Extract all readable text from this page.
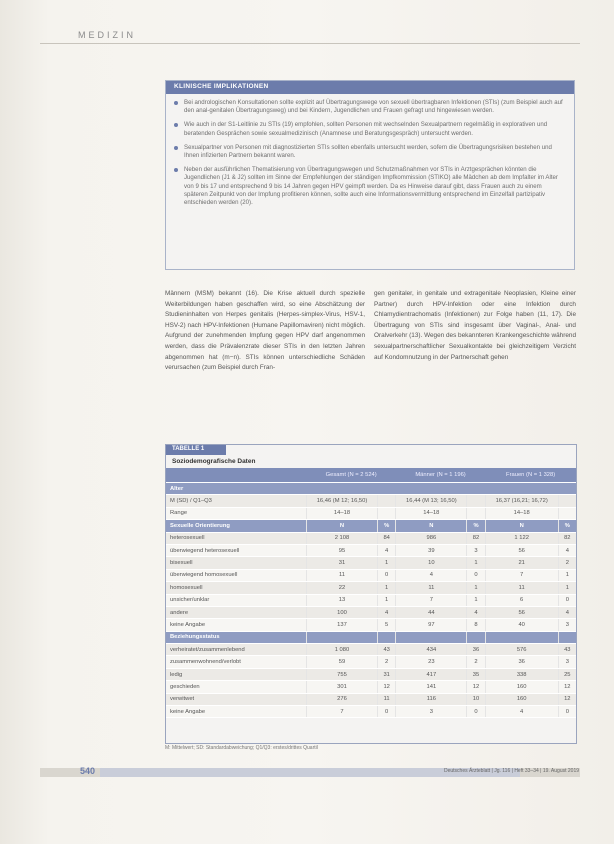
MEDIZIN
KLINISCHE IMPLIKATIONEN
Bei andrologischen Konsultationen sollte explizit auf Übertragungswege von sexuell übertragbaren Infektionen (STIs) (zum Beispiel auch auf den anal-genitalen Übertragungsweg) und bei Kindern, Jugendlichen und Frauen gefragt und hingewiesen werden.
Wie auch in der S1-Leitlinie zu STIs (19) empfohlen, sollten Personen mit wechselnden Sexualpartnern regelmäßig in explorativen und beratenden Gesprächen sowie sexualmedizinisch (Anamnese und Beratungsgespräch) untersucht werden.
Sexualpartner von Personen mit diagnostizierten STIs sollten ebenfalls untersucht werden, sofern die Übertragungsrisiken bestehen und Ihnen infizierten Partnern bekannt waren.
Neben der ausführlichen Thematisierung von Übertragungswegen und Schutzmaßnahmen vor STIs in Arztgesprächen könnten die Jugendlichen (J1 & J2) sollten im Sinne der Empfehlungen der ständigen Impfkommission (STIKO) alle Mädchen ab dem Impfalter im Alter von 9 bis 17 und entsprechend 9 bis 14 Jahren gegen HPV geimpft werden. Da es Hinweise darauf gibt, dass Frauen auch zu einem späteren Zeitpunkt von der Impfung profitieren können, sollte auch eine Informationsvermittlung entsprechend im Einzelfall partizipativ entschieden werden (20).

Männern (MSM) bekannt (16). Die Krise aktuell durch spezielle Weiterbildungen haben geschaffen wird, so eine Abschätzung der Studieninhalten von Herpes genitalis (Herpes-simplex-Virus, HSV-1, HSV-2) nach HPV-Infektionen (Humane Papillomaviren) nicht möglich. Aufgrund der zunehmenden Impfung gegen HPV darf angenommen werden, dass die Prävalenzrate dieser STIs in den letzten Jahren abgenommen hat (m−n). STIs können unterschiedliche Schäden verursachen (zum Beispiel durch Fran-

gen genitaler, in genitale und extragenitale Neoplasien, Kleine einer Partner) durch HPV-Infektion oder eine Infektion durch Chlamydientrachomatis (Infektionen) zur Folge haben (11, 17). Die Übertragung von STIs sind insgesamt über Vaginal-, Anal- und Oralverkehr (13). Wegen des bekannteren Krankengeschichte während sexualpartnerschaftlicher Sexualkontakte bei gleichzeitigem Verzicht auf Kondomnutzung in der Partnerschaft gehen

TABELLE 1
Soziodemografische Daten
	Gesamt (N = 2 524)		Männer (N = 1 196)		Frauen (N = 1 328)	
Alter						
M (SD) / Q1–Q3	16,46 (M 12; 16,50)		16,44 (M 13; 16,50)		16,37 (16,21; 16,72)	
Range	14–18		14–18		14–18	
Sexuelle Orientierung	N	%	N	%	N	%
heterosexuell	2 108	84	986	82	1 122	82
überwiegend heterosexuell	95	4	39	3	56	4
bisexuell	31	1	10	1	21	2
überwiegend homosexuell	11	0	4	0	7	1
homosexuell	22	1	11	1	11	1
unsicher/unklar	13	1	7	1	6	0
andere	100	4	44	4	56	4
keine Angabe	137	5	97	8	40	3
Beziehungsstatus						
verheiratet/zusammenlebend	1 080	43	434	36	576	43
zusammenwohnend/verlobt	59	2	23	2	36	3
ledig	755	31	417	35	338	25
geschieden	301	12	141	12	160	12
verwitwet	276	11	116	10	160	12
keine Angabe	7	0	3	0	4	0
M: Mittelwert; SD: Standardabweichung; Q1/Q3: erstes/drittes Quartil
540	Deutsches Ärzteblatt | Jg. 116 | Heft 33–34 | 19. August 2019
